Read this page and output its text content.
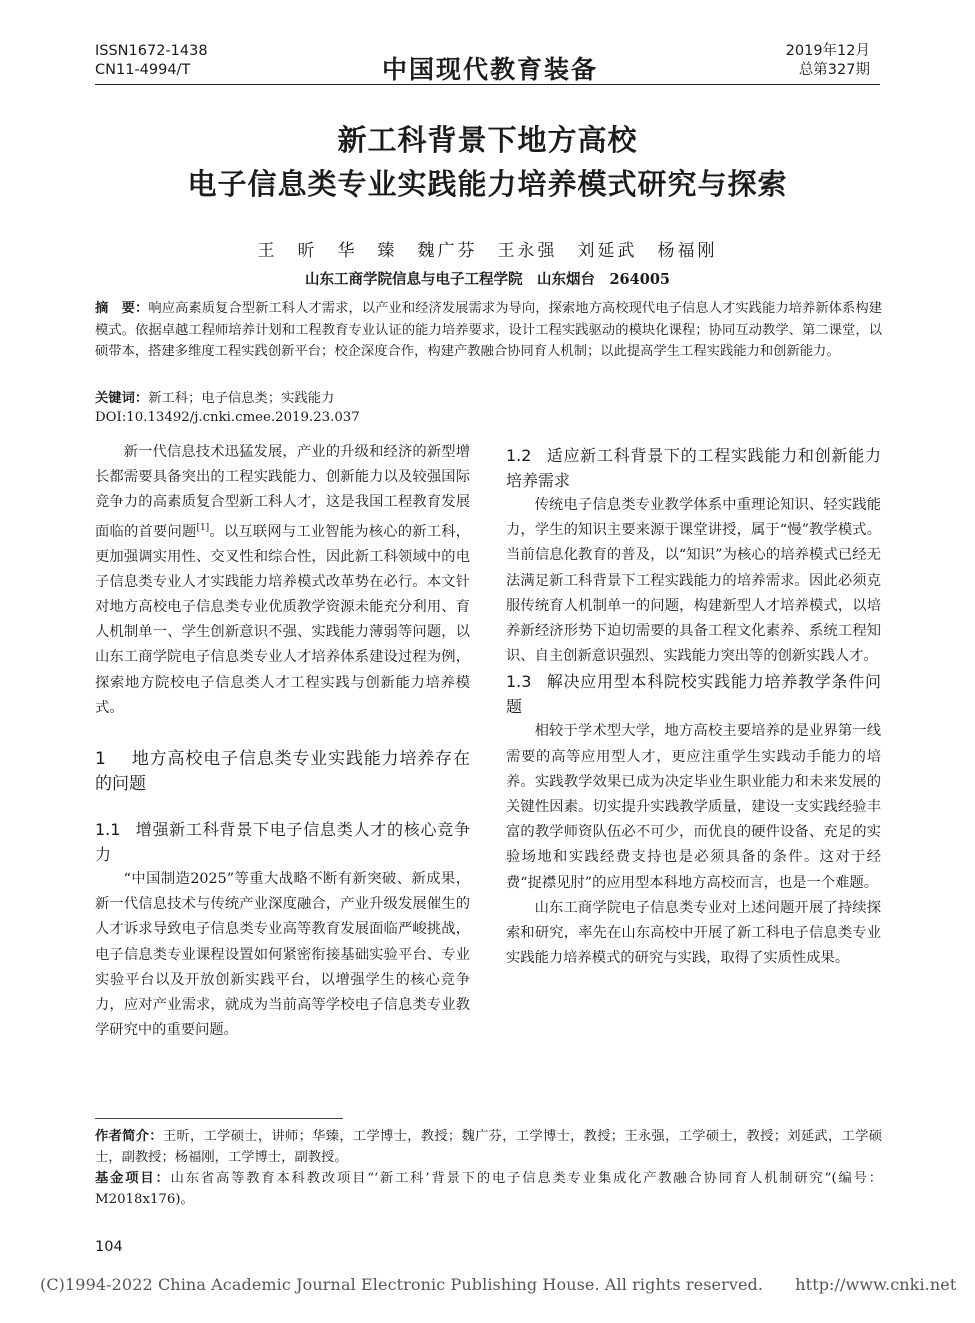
ISSN1672-1438
CN11-4994/T	中国现代教育装备
2019年12月
总第327期
新工科背景下地方高校
电子信息类专业实践能力培养模式研究与探索
王　昕　华　臻　魏广芬　王永强　刘延武　杨福刚
山东工商学院信息与电子工程学院　山东烟台　264005
摘　要：响应高素质复合型新工科人才需求，以产业和经济发展需求为导向，探索地方高校现代电子信息人才实践能力培养新体系构建模式。依据卓越工程师培养计划和工程教育专业认证的能力培养要求，设计工程实践驱动的模块化课程；协同互动教学、第二课堂，以硕带本，搭建多维度工程实践创新平台；校企深度合作，构建产教融合协同育人机制；以此提高学生工程实践能力和创新能力。
关键词：新工科；电子信息类；实践能力
DOI:10.13492/j.cnki.cmee.2019.23.037

新一代信息技术迅猛发展，产业的升级和经济的新型增长都需要具备突出的工程实践能力、创新能力以及较强国际竞争力的高素质复合型新工科人才，这是我国工程教育发展面临的首要问题[1]。以互联网与工业智能为核心的新工科，更加强调实用性、交叉性和综合性，因此新工科领域中的电子信息类专业人才实践能力培养模式改革势在必行。本文针对地方高校电子信息类专业优质教学资源未能充分利用、育人机制单一、学生创新意识不强、实践能力薄弱等问题，以山东工商学院电子信息类专业人才培养体系建设过程为例，探索地方院校电子信息类人才工程实践与创新能力培养模式。

1 地方高校电子信息类专业实践能力培养存在的问题
1.1 增强新工科背景下电子信息类人才的核心竞争力

“中国制造2025”等重大战略不断有新突破、新成果，新一代信息技术与传统产业深度融合，产业升级发展催生的人才诉求导致电子信息类专业高等教育发展面临严峻挑战，电子信息类专业课程设置如何紧密衔接基础实验平台、专业实验平台以及开放创新实践平台，以增强学生的核心竞争力，应对产业需求，就成为当前高等学校电子信息类专业教学研究中的重要问题。

1.2 适应新工科背景下的工程实践能力和创新能力培养需求

传统电子信息类专业教学体系中重理论知识、轻实践能力，学生的知识主要来源于课堂讲授，属于“慢”教学模式。当前信息化教育的普及，以“知识”为核心的培养模式已经无法满足新工科背景下工程实践能力的培养需求。因此必须克服传统育人机制单一的问题，构建新型人才培养模式，以培养新经济形势下迫切需要的具备工程文化素养、系统工程知识、自主创新意识强烈、实践能力突出等的创新实践人才。

1.3 解决应用型本科院校实践能力培养教学条件问题

相较于学术型大学，地方高校主要培养的是业界第一线需要的高等应用型人才，更应注重学生实践动手能力的培养。实践教学效果已成为决定毕业生职业能力和未来发展的关键性因素。切实提升实践教学质量，建设一支实践经验丰富的教学师资队伍必不可少，而优良的硬件设备、充足的实验场地和实践经费支持也是必须具备的条件。这对于经费“捉襟见肘”的应用型本科地方高校而言，也是一个难题。

山东工商学院电子信息类专业对上述问题开展了持续探索和研究，率先在山东高校中开展了新工科电子信息类专业实践能力培养模式的研究与实践，取得了实质性成果。

作者简介：王昕，工学硕士，讲师；华臻，工学博士，教授；魏广芬，工学博士，教授；王永强，工学硕士，教授；刘延武，工学硕士，副教授；杨福刚，工学博士，副教授。
基金项目：山东省高等教育本科教改项目“‘新工科’背景下的电子信息类专业集成化产教融合协同育人机制研究”(编号：M2018x176)。
104
(C)1994-2022 China Academic Journal Electronic Publishing House. All rights reserved.　　http://www.cnki.net
